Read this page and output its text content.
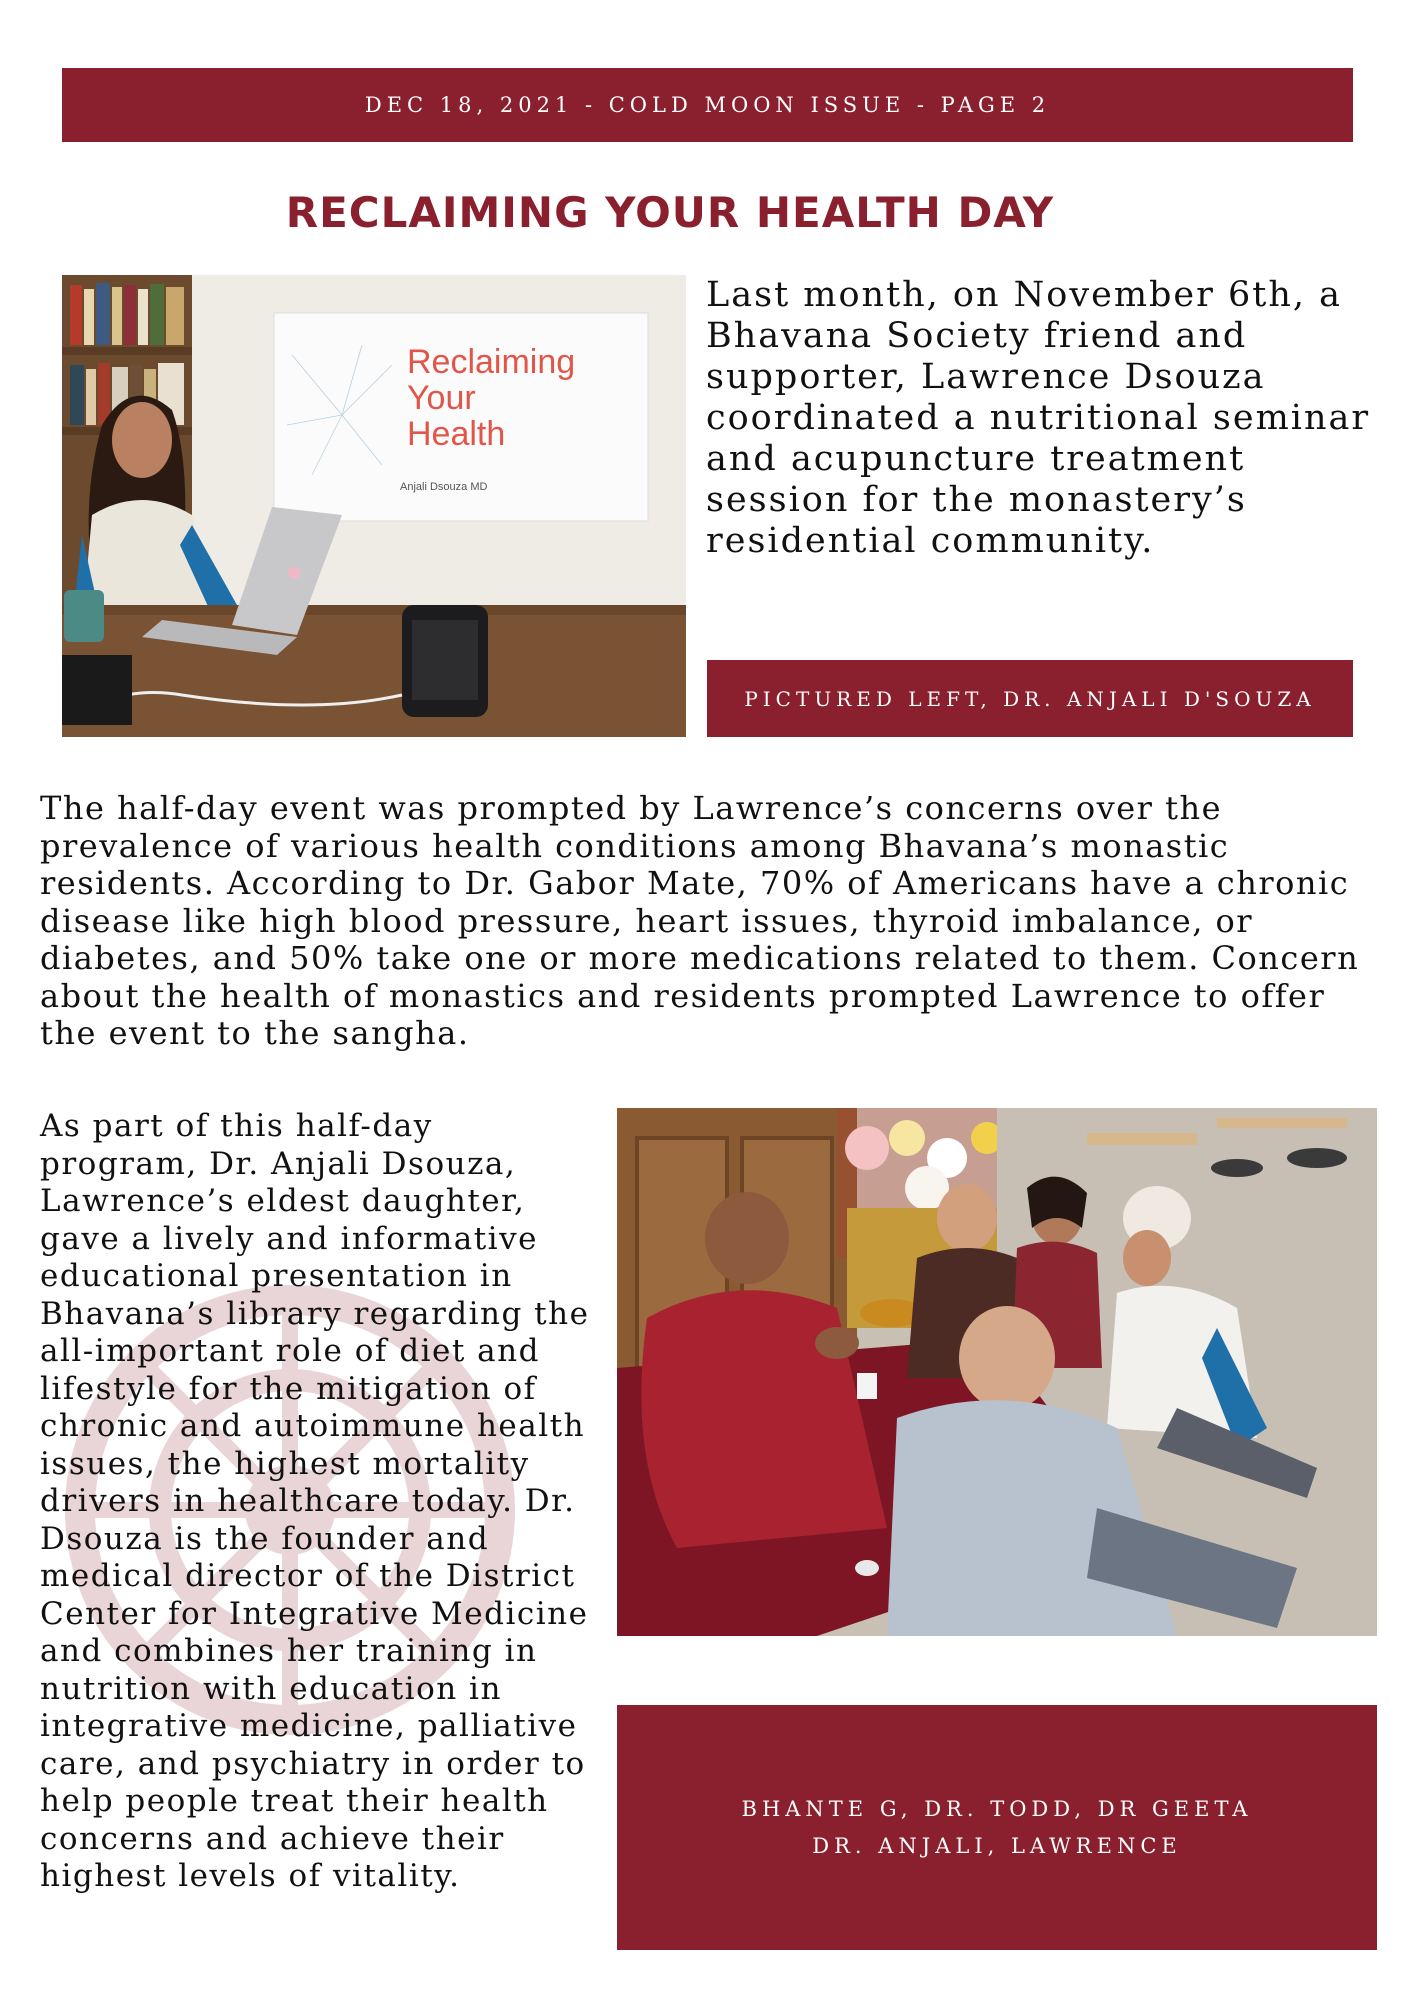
DEC 18, 2021 - COLD MOON ISSUE - PAGE 2
RECLAIMING YOUR HEALTH DAY
Reclaiming
Your
Health
Anjali Dsouza MD

Last month, on November 6th, a Bhavana Society friend and supporter, Lawrence Dsouza coordinated a nutritional seminar and acupuncture treatment session for the monastery’s residential community.

PICTURED LEFT, DR. ANJALI D'SOUZA

The half-day event was prompted by Lawrence’s concerns over the prevalence of various health conditions among Bhavana’s monastic residents. According to Dr. Gabor Mate, 70% of Americans have a chronic disease like high blood pressure, heart issues, thyroid imbalance, or diabetes, and 50% take one or more medications related to them. Concern about the health of monastics and residents prompted Lawrence to offer the event to the sangha.

As part of this half-day program, Dr. Anjali Dsouza, Lawrence’s eldest daughter, gave a lively and informative educational presentation in Bhavana’s library regarding the all-important role of diet and lifestyle for the mitigation of chronic and autoimmune health issues, the highest mortality drivers in healthcare today. Dr. Dsouza is the founder and medical director of the District Center for Integrative Medicine and combines her training in nutrition with education in integrative medicine, palliative care, and psychiatry in order to help people treat their health concerns and achieve their highest levels of vitality.

BHANTE G, DR. TODD, DR GEETA
DR. ANJALI, LAWRENCE
